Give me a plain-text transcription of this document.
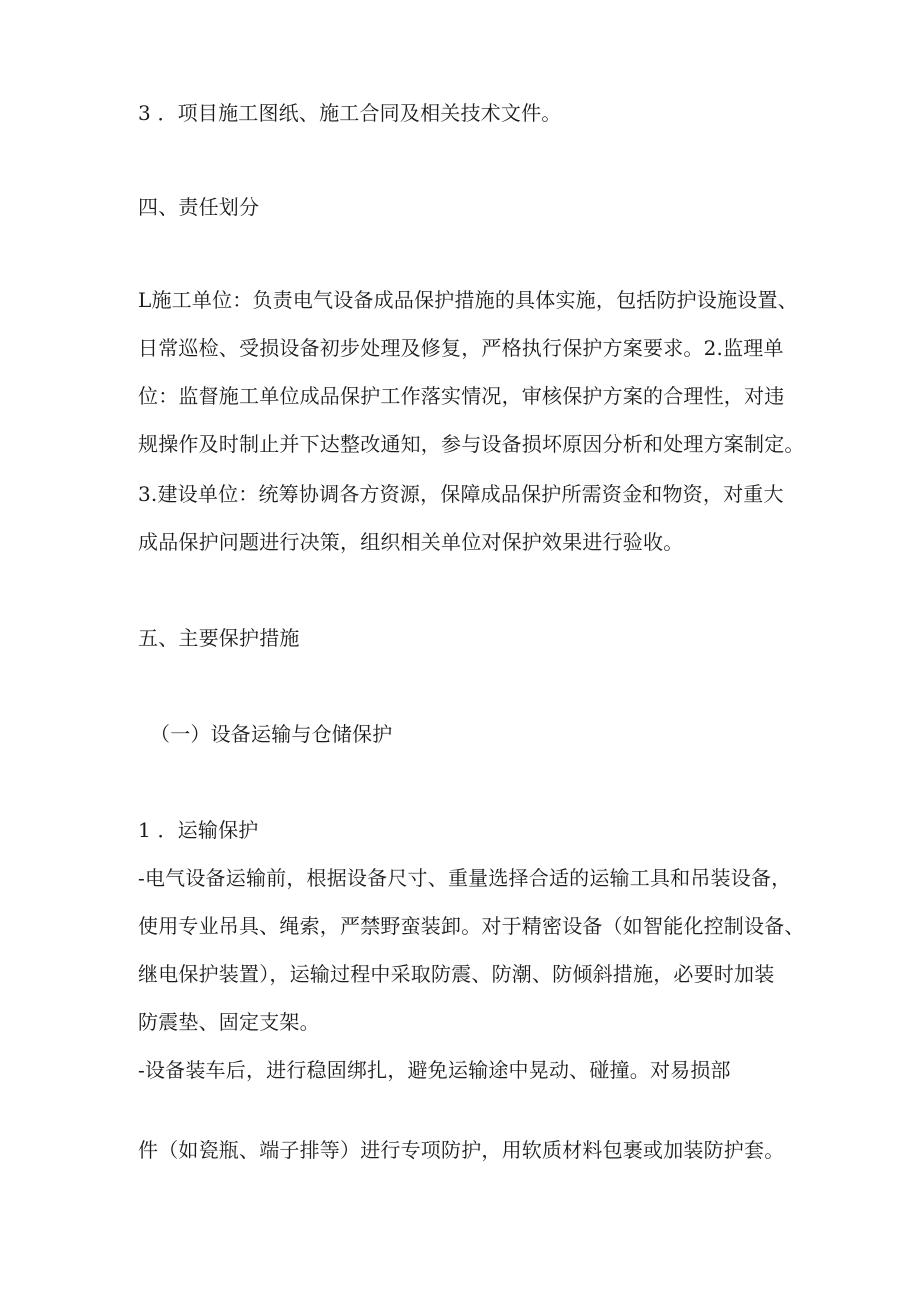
3 ．项目施工图纸、施工合同及相关技术文件。
四、责任划分
L施工单位：负责电气设备成品保护措施的具体实施，包括防护设施设置、
日常巡检、受损设备初步处理及修复，严格执行保护方案要求。2.监理单
位：监督施工单位成品保护工作落实情况，审核保护方案的合理性，对违
规操作及时制止并下达整改通知，参与设备损坏原因分析和处理方案制定。
3.建设单位：统筹协调各方资源，保障成品保护所需资金和物资，对重大
成品保护问题进行决策，组织相关单位对保护效果进行验收。
五、主要保护措施
（一）设备运输与仓储保护
1 ．运输保护
-电气设备运输前，根据设备尺寸、重量选择合适的运输工具和吊装设备，
使用专业吊具、绳索，严禁野蛮装卸。对于精密设备（如智能化控制设备、
继电保护装置），运输过程中采取防震、防潮、防倾斜措施，必要时加装
防震垫、固定支架。
-设备装车后，进行稳固绑扎，避免运输途中晃动、碰撞。对易损部
件（如瓷瓶、端子排等）进行专项防护，用软质材料包裹或加装防护套。
